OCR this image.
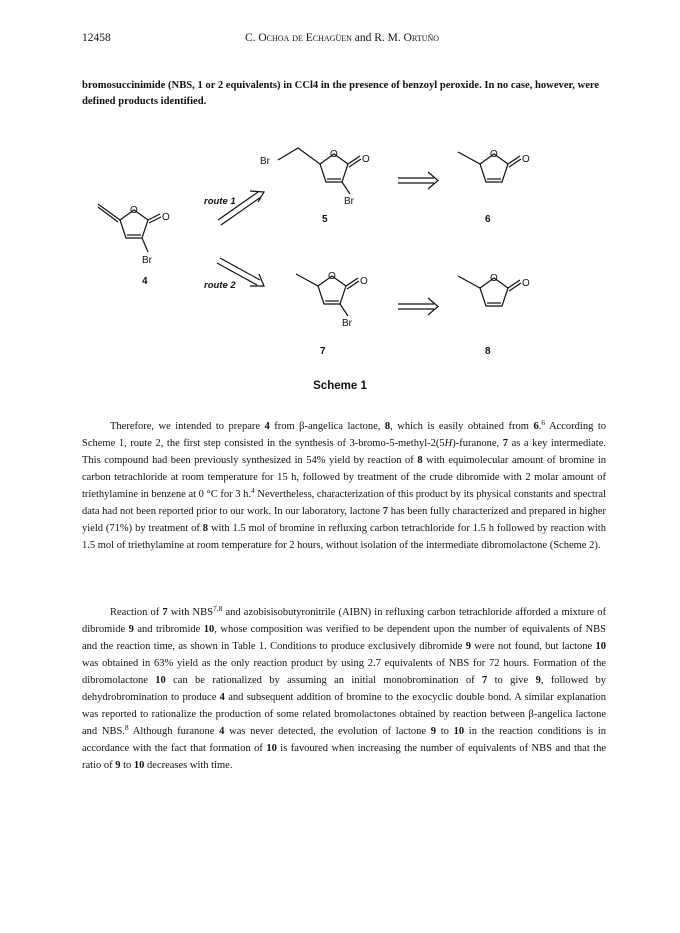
12458	C. Ochoa de Echagüen and R. M. Ortuño
bromosuccinimide (NBS, 1 or 2 equivalents) in CCl4 in the presence of benzoyl peroxide. In no case, however, were defined products identified.
O
O
O O	O O
O O	O O
Br
Br
Br
Br
route 1
route 2
4
5	6
7	8
Scheme 1

Therefore, we intended to prepare 4 from β-angelica lactone, 8, which is easily obtained from 6.$^6$ According to Scheme 1, route 2, the first step consisted in the synthesis of 3-bromo-5-methyl-2(5H)-furanone, 7 as a key intermediate. This compound had been previously synthesized in 54% yield by reaction of 8 with equimolecular amount of bromine in carbon tetrachloride at room temperature for 15 h, followed by treatment of the crude dibromide with 2 molar amount of triethylamine in benzene at 0 °C for 3 h.$^4$ Nevertheless, characterization of this product by its physical constants and spectral data had not been reported prior to our work. In our laboratory, lactone 7 has been fully characterized and prepared in higher yield (71%) by treatment of 8 with 1.5 mol of bromine in refluxing carbon tetrachloride for 1.5 h followed by reaction with 1.5 mol of triethylamine at room temperature for 2 hours, without isolation of the intermediate dibromolactone (Scheme 2).

Reaction of 7 with NBS$^{7,8}$ and azobisisobutyronitrile (AIBN) in refluxing carbon tetrachloride afforded a mixture of dibromide 9 and tribromide 10, whose composition was verified to be dependent upon the number of equivalents of NBS and the reaction time, as shown in Table 1. Conditions to produce exclusively dibromide 9 were not found, but lactone 10 was obtained in 63% yield as the only reaction product by using 2.7 equivalents of NBS for 72 hours. Formation of the dibromolactone 10 can be rationalized by assuming an initial monobromination of 7 to give 9, followed by dehydrobromination to produce 4 and subsequent addition of bromine to the exocyclic double bond. A similar explanation was reported to rationalize the production of some related bromolactones obtained by reaction between β-angelica lactone and NBS.$^8$ Although furanone 4 was never detected, the evolution of lactone 9 to 10 in the reaction conditions is in accordance with the fact that formation of 10 is favoured when increasing the number of equivalents of NBS and that the ratio of 9 to 10 decreases with time.
